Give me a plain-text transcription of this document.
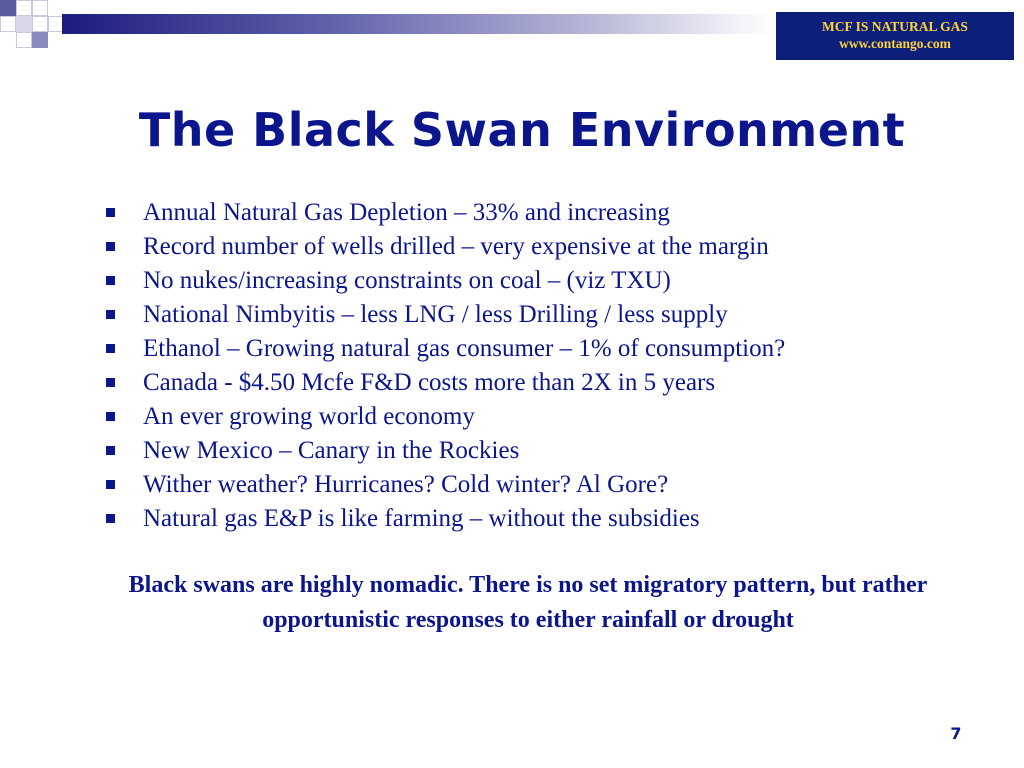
MCF IS NATURAL GAS
www.contango.com
The Black Swan Environment
Annual Natural Gas Depletion – 33% and increasing
Record number of wells drilled – very expensive at the margin
No nukes/increasing constraints on coal – (viz TXU)
National Nimbyitis – less LNG / less Drilling / less supply
Ethanol – Growing natural gas consumer – 1% of consumption?
Canada - $4.50 Mcfe F&D costs more than 2X in 5 years
An ever growing world economy
New Mexico – Canary in the Rockies
Wither weather? Hurricanes? Cold winter? Al Gore?
Natural gas E&P is like farming – without the subsidies
Black swans are highly nomadic. There is no set migratory pattern, but rather opportunistic responses to either rainfall or drought
7
